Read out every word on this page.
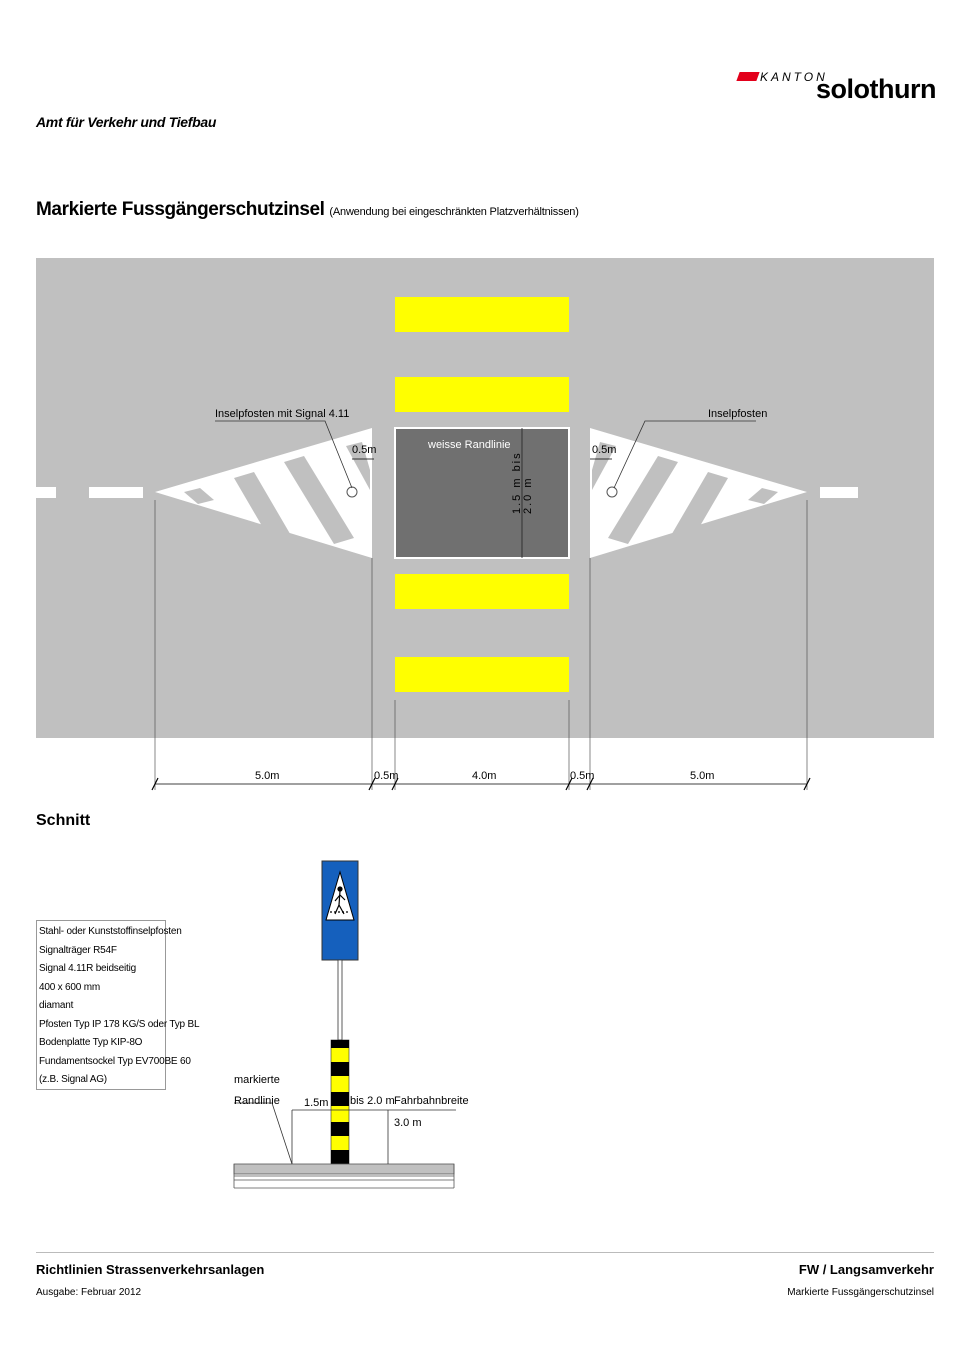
Amt für Verkehr und Tiefbau
KANTON
solothurn
Markierte Fussgängerschutzinsel (Anwendung bei eingeschränkten Platzverhältnissen)
Inselpfosten mit Signal 4.11	Inselpfosten
weisse Randlinie
0.5m	0.5m
1.5 m bis 2.0 m
5.0m	0.5m	4.0m	0.5m	5.0m
markierte
Randlinie 1.5m bis 2.0 m Fahrbahnbreite
3.0 m
Schnitt
Stahl- oder Kunststoffinselpfosten
Signalträger R54F
Signal 4.11R beidseitig
400 x 600 mm
diamant
Pfosten Typ IP 178 KG/S oder Typ BL
Bodenplatte Typ KIP-8O
Fundamentsockel Typ EV700BE 60
(z.B. Signal AG)
Richtlinien Strassenverkehrsanlagen
Ausgabe: Februar 2012
FW / Langsamverkehr
Markierte Fussgängerschutzinsel
